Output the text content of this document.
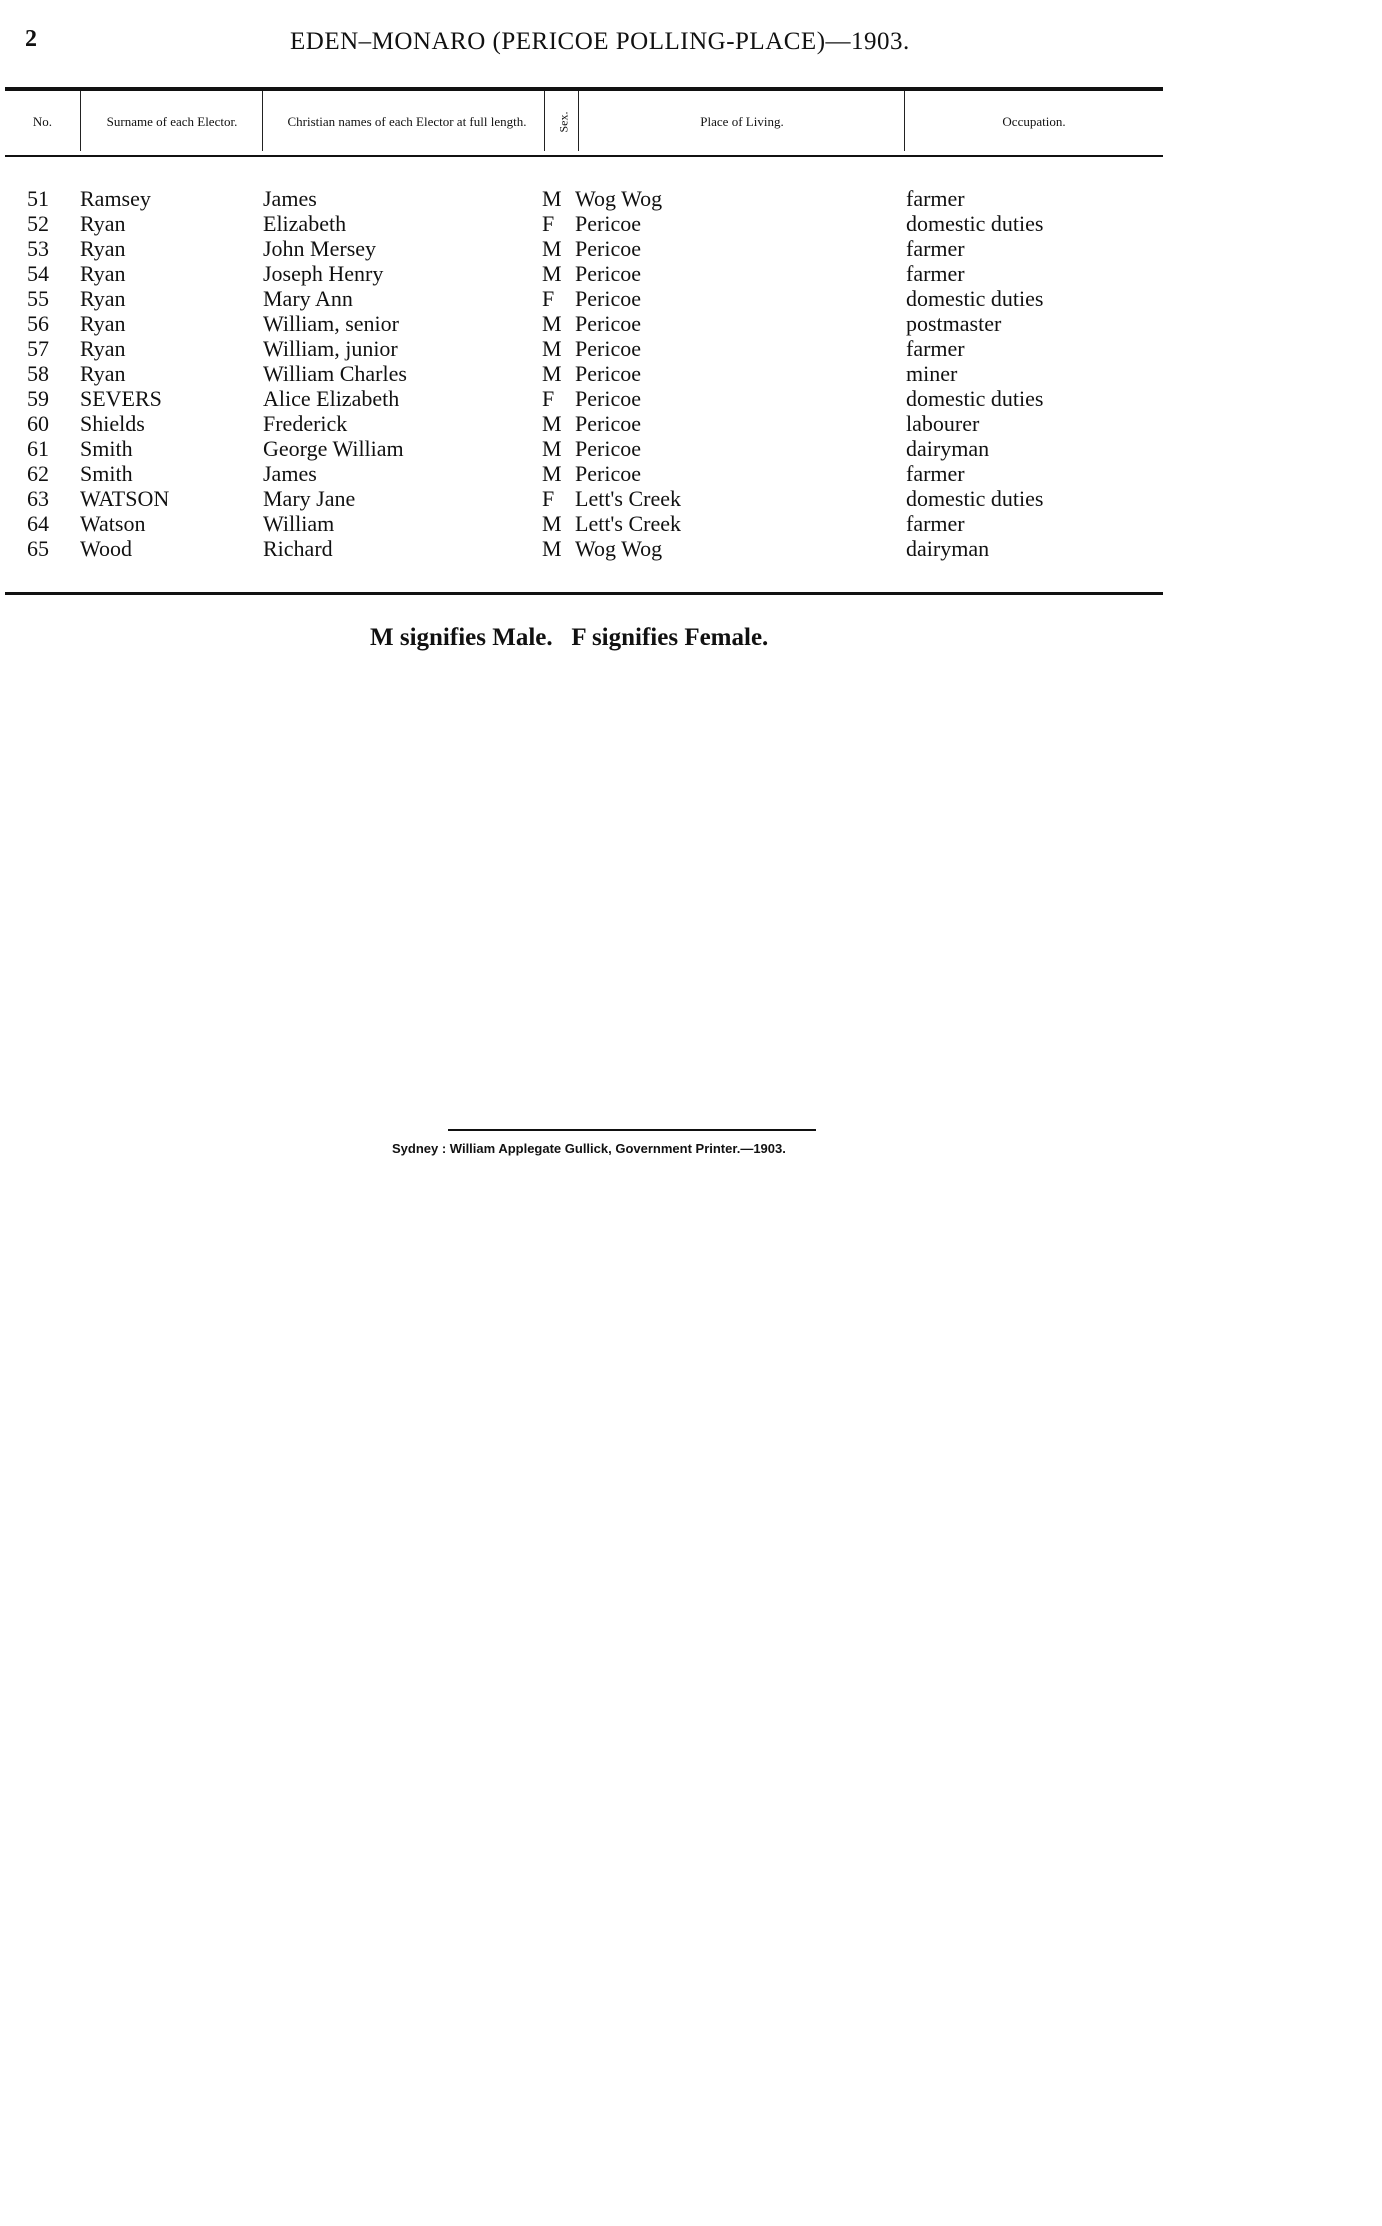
2	EDEN–MONARO (PERICOE POLLING-PLACE)—1903.
No.	Surname of each Elector.	Christian names of each Elector at full length. Sex.	Place of Living.	Occupation.
51	Ramsey	James	M Wog Wog	farmer
52	Ryan	Elizabeth	F Pericoe	domestic duties
53	Ryan	John Mersey	M Pericoe	farmer
54	Ryan	Joseph Henry	M Pericoe	farmer
55	Ryan	Mary Ann	F Pericoe	domestic duties
56	Ryan	William, senior	M Pericoe	postmaster
57	Ryan	William, junior	M Pericoe	farmer
58	Ryan	William Charles	M Pericoe	miner
59	SEVERS	Alice Elizabeth	F Pericoe	domestic duties
60	Shields	Frederick	M Pericoe	labourer
61	Smith	George William	M Pericoe	dairyman
62	Smith	James	M Pericoe	farmer
63	WATSON	Mary Jane	F Lett's Creek	domestic duties
64	Watson	William	M Lett's Creek	farmer
65	Wood	Richard	M Wog Wog	dairyman
M signifies Male.   F signifies Female.
Sydney : William Applegate Gullick, Government Printer.—1903.
